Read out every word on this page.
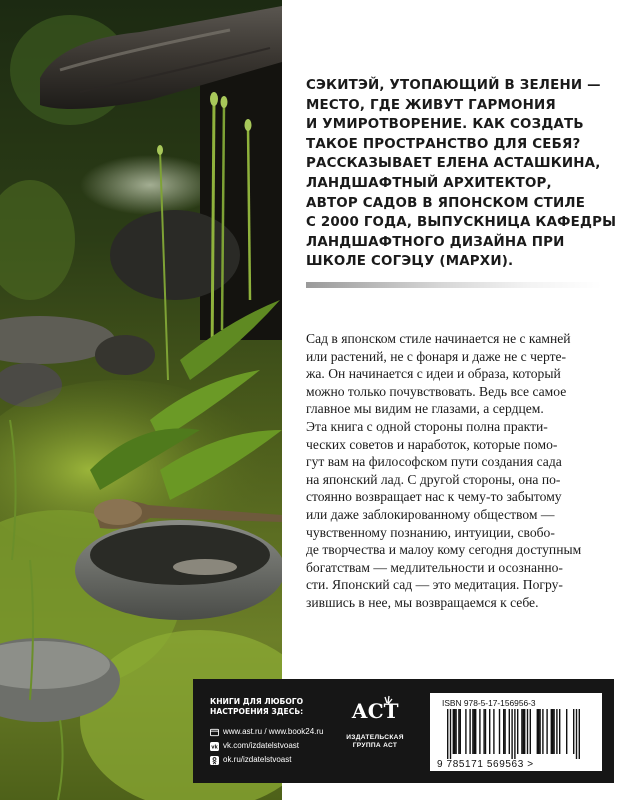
СЭКИТЭЙ, УТОПАЮЩИЙ В ЗЕЛЕНИ —
МЕСТО, ГДЕ ЖИВУТ ГАРМОНИЯ
И УМИРОТВОРЕНИЕ. КАК СОЗДАТЬ
ТАКОЕ ПРОСТРАНСТВО ДЛЯ СЕБЯ?
РАССКАЗЫВАЕТ ЕЛЕНА АСТАШКИНА,
ЛАНДШАФТНЫЙ АРХИТЕКТОР,
АВТОР САДОВ В ЯПОНСКОМ СТИЛЕ
С 2000 ГОДА, ВЫПУСКНИЦА КАФЕДРЫ
ЛАНДШАФТНОГО ДИЗАЙНА ПРИ
ШКОЛЕ СОГЭЦУ (МАРХИ).
Сад в японском стиле начинается не с камней
или растений, не с фонаря и даже не с черте-
жа. Он начинается с идеи и образа, который
можно только почувствовать. Ведь все самое
главное мы видим не глазами, а сердцем.
Эта книга с одной стороны полна практи-
ческих советов и наработок, которые помо-
гут вам на философском пути создания сада
на японский лад. С другой стороны, она по-
стоянно возвращает нас к чему-то забытому
или даже заблокированному обществом —
чувственному познанию, интуиции, свобо-
де творчества и малоу кому сегодня доступным
богатствам — медлительности и осознанно-
сти. Японский сад — это медитация. Погру-
зившись в нее, мы возвращаемся к себе.
КНИГИ ДЛЯ ЛЮБОГО
НАСТРОЕНИЯ ЗДЕСЬ:
www.ast.ru / www.book24.ru
vk vk.com/izdatelstvoast
ok.ru/izdatelstvoast
АСТ
ИЗДАТЕЛЬСКАЯ
ГРУППА АСТ
ISBN 978-5-17-156956-3
9 785171 569563 >
